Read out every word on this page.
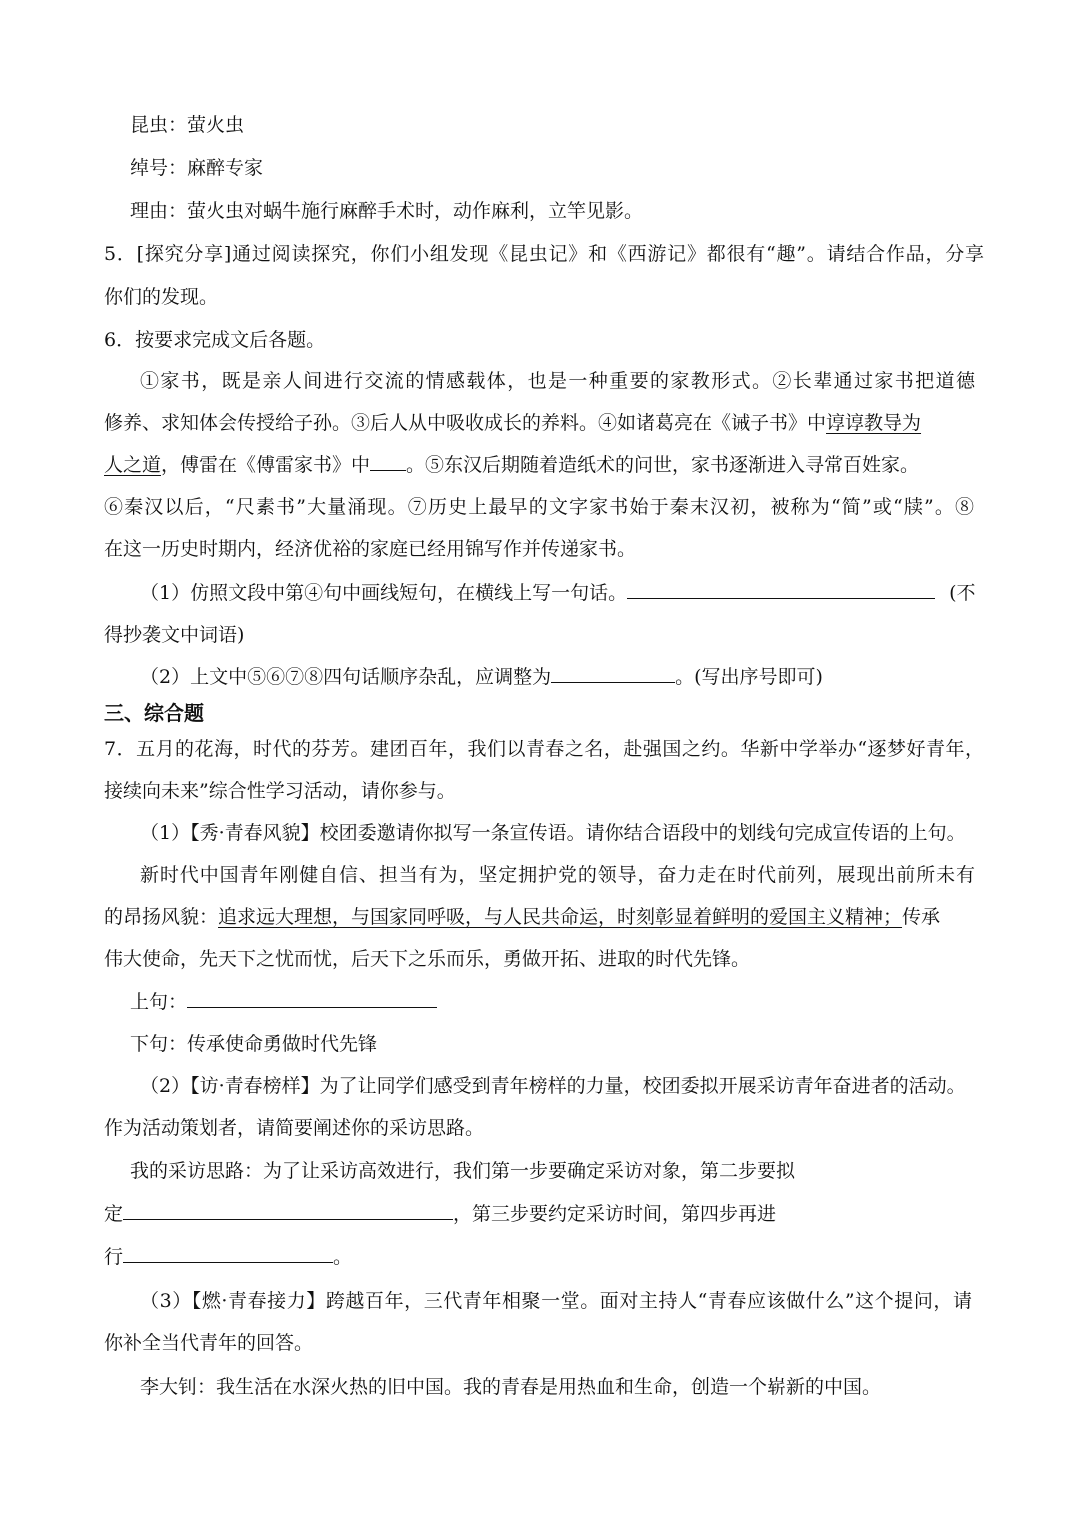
昆虫：萤火虫
绰号：麻醉专家
理由：萤火虫对蜗牛施行麻醉手术时，动作麻利，立竿见影。
5．[探究分享]通过阅读探究，你们小组发现《昆虫记》和《西游记》都很有“趣”。请结合作品，分享
你们的发现。
6．按要求完成文后各题。
①家书，既是亲人间进行交流的情感载体，也是一种重要的家教形式。②长辈通过家书把道德
修养、求知体会传授给子孙。③后人从中吸收成长的养料。④如诸葛亮在《诫子书》中谆谆教导为
人之道，傅雷在《傅雷家书》中 。⑤东汉后期随着造纸术的问世，家书逐渐进入寻常百姓家。
⑥秦汉以后，“尺素书”大量涌现。⑦历史上最早的文字家书始于秦末汉初，被称为“简”或“牍”。⑧
在这一历史时期内，经济优裕的家庭已经用锦写作并传递家书。
（1）仿照文段中第④句中画线短句，在横线上写一句话。	(不
得抄袭文中词语)
（2）上文中⑤⑥⑦⑧四句话顺序杂乱，应调整为	。(写出序号即可)
三、综合题
7．五月的花海，时代的芬芳。建团百年，我们以青春之名，赴强国之约。华新中学举办“逐梦好青年，
接续向未来”综合性学习活动，请你参与。
（1）【秀·青春风貌】校团委邀请你拟写一条宣传语。请你结合语段中的划线句完成宣传语的上句。
新时代中国青年刚健自信、担当有为，坚定拥护党的领导，奋力走在时代前列，展现出前所未有
的昂扬风貌：追求远大理想，与国家同呼吸，与人民共命运，时刻彰显着鲜明的爱国主义精神；传承
伟大使命，先天下之忧而忧，后天下之乐而乐，勇做开拓、进取的时代先锋。
上句：
下句：传承使命勇做时代先锋
（2）【访·青春榜样】为了让同学们感受到青年榜样的力量，校团委拟开展采访青年奋进者的活动。
作为活动策划者，请简要阐述你的采访思路。
我的采访思路：为了让采访高效进行，我们第一步要确定采访对象，第二步要拟
定	，第三步要约定采访时间，第四步再进
行	。
（3）【燃·青春接力】跨越百年，三代青年相聚一堂。面对主持人“青春应该做什么”这个提问，请
你补全当代青年的回答。
李大钊：我生活在水深火热的旧中国。我的青春是用热血和生命，创造一个崭新的中国。
